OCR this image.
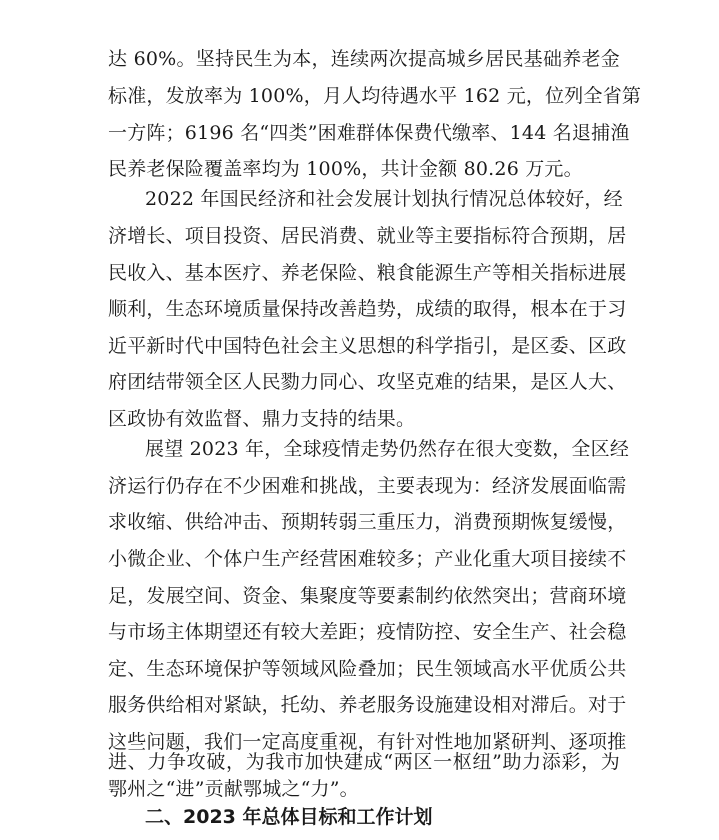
达 60%。坚持民生为本，连续两次提高城乡居民基础养老金
标准，发放率为 100%，月人均待遇水平 162 元，位列全省第
一方阵；6196 名“四类”困难群体保费代缴率、144 名退捕渔
民养老保险覆盖率均为 100%，共计金额 80.26 万元。
2022 年国民经济和社会发展计划执行情况总体较好，经
济增长、项目投资、居民消费、就业等主要指标符合预期，居
民收入、基本医疗、养老保险、粮食能源生产等相关指标进展
顺利，生态环境质量保持改善趋势，成绩的取得，根本在于习
近平新时代中国特色社会主义思想的科学指引，是区委、区政
府团结带领全区人民勠力同心、攻坚克难的结果，是区人大、
区政协有效监督、鼎力支持的结果。
展望 2023 年，全球疫情走势仍然存在很大变数，全区经
济运行仍存在不少困难和挑战，主要表现为：经济发展面临需
求收缩、供给冲击、预期转弱三重压力，消费预期恢复缓慢，
小微企业、个体户生产经营困难较多；产业化重大项目接续不
足，发展空间、资金、集聚度等要素制约依然突出；营商环境
与市场主体期望还有较大差距；疫情防控、安全生产、社会稳
定、生态环境保护等领域风险叠加；民生领域高水平优质公共
服务供给相对紧缺，托幼、养老服务设施建设相对滞后。对于
这些问题，我们一定高度重视，有针对性地加紧研判、逐项推
进、力争攻破，为我市加快建成“两区一枢纽”助力添彩，为
鄂州之“进”贡献鄂城之“力”。
二、2023 年总体目标和工作计划
